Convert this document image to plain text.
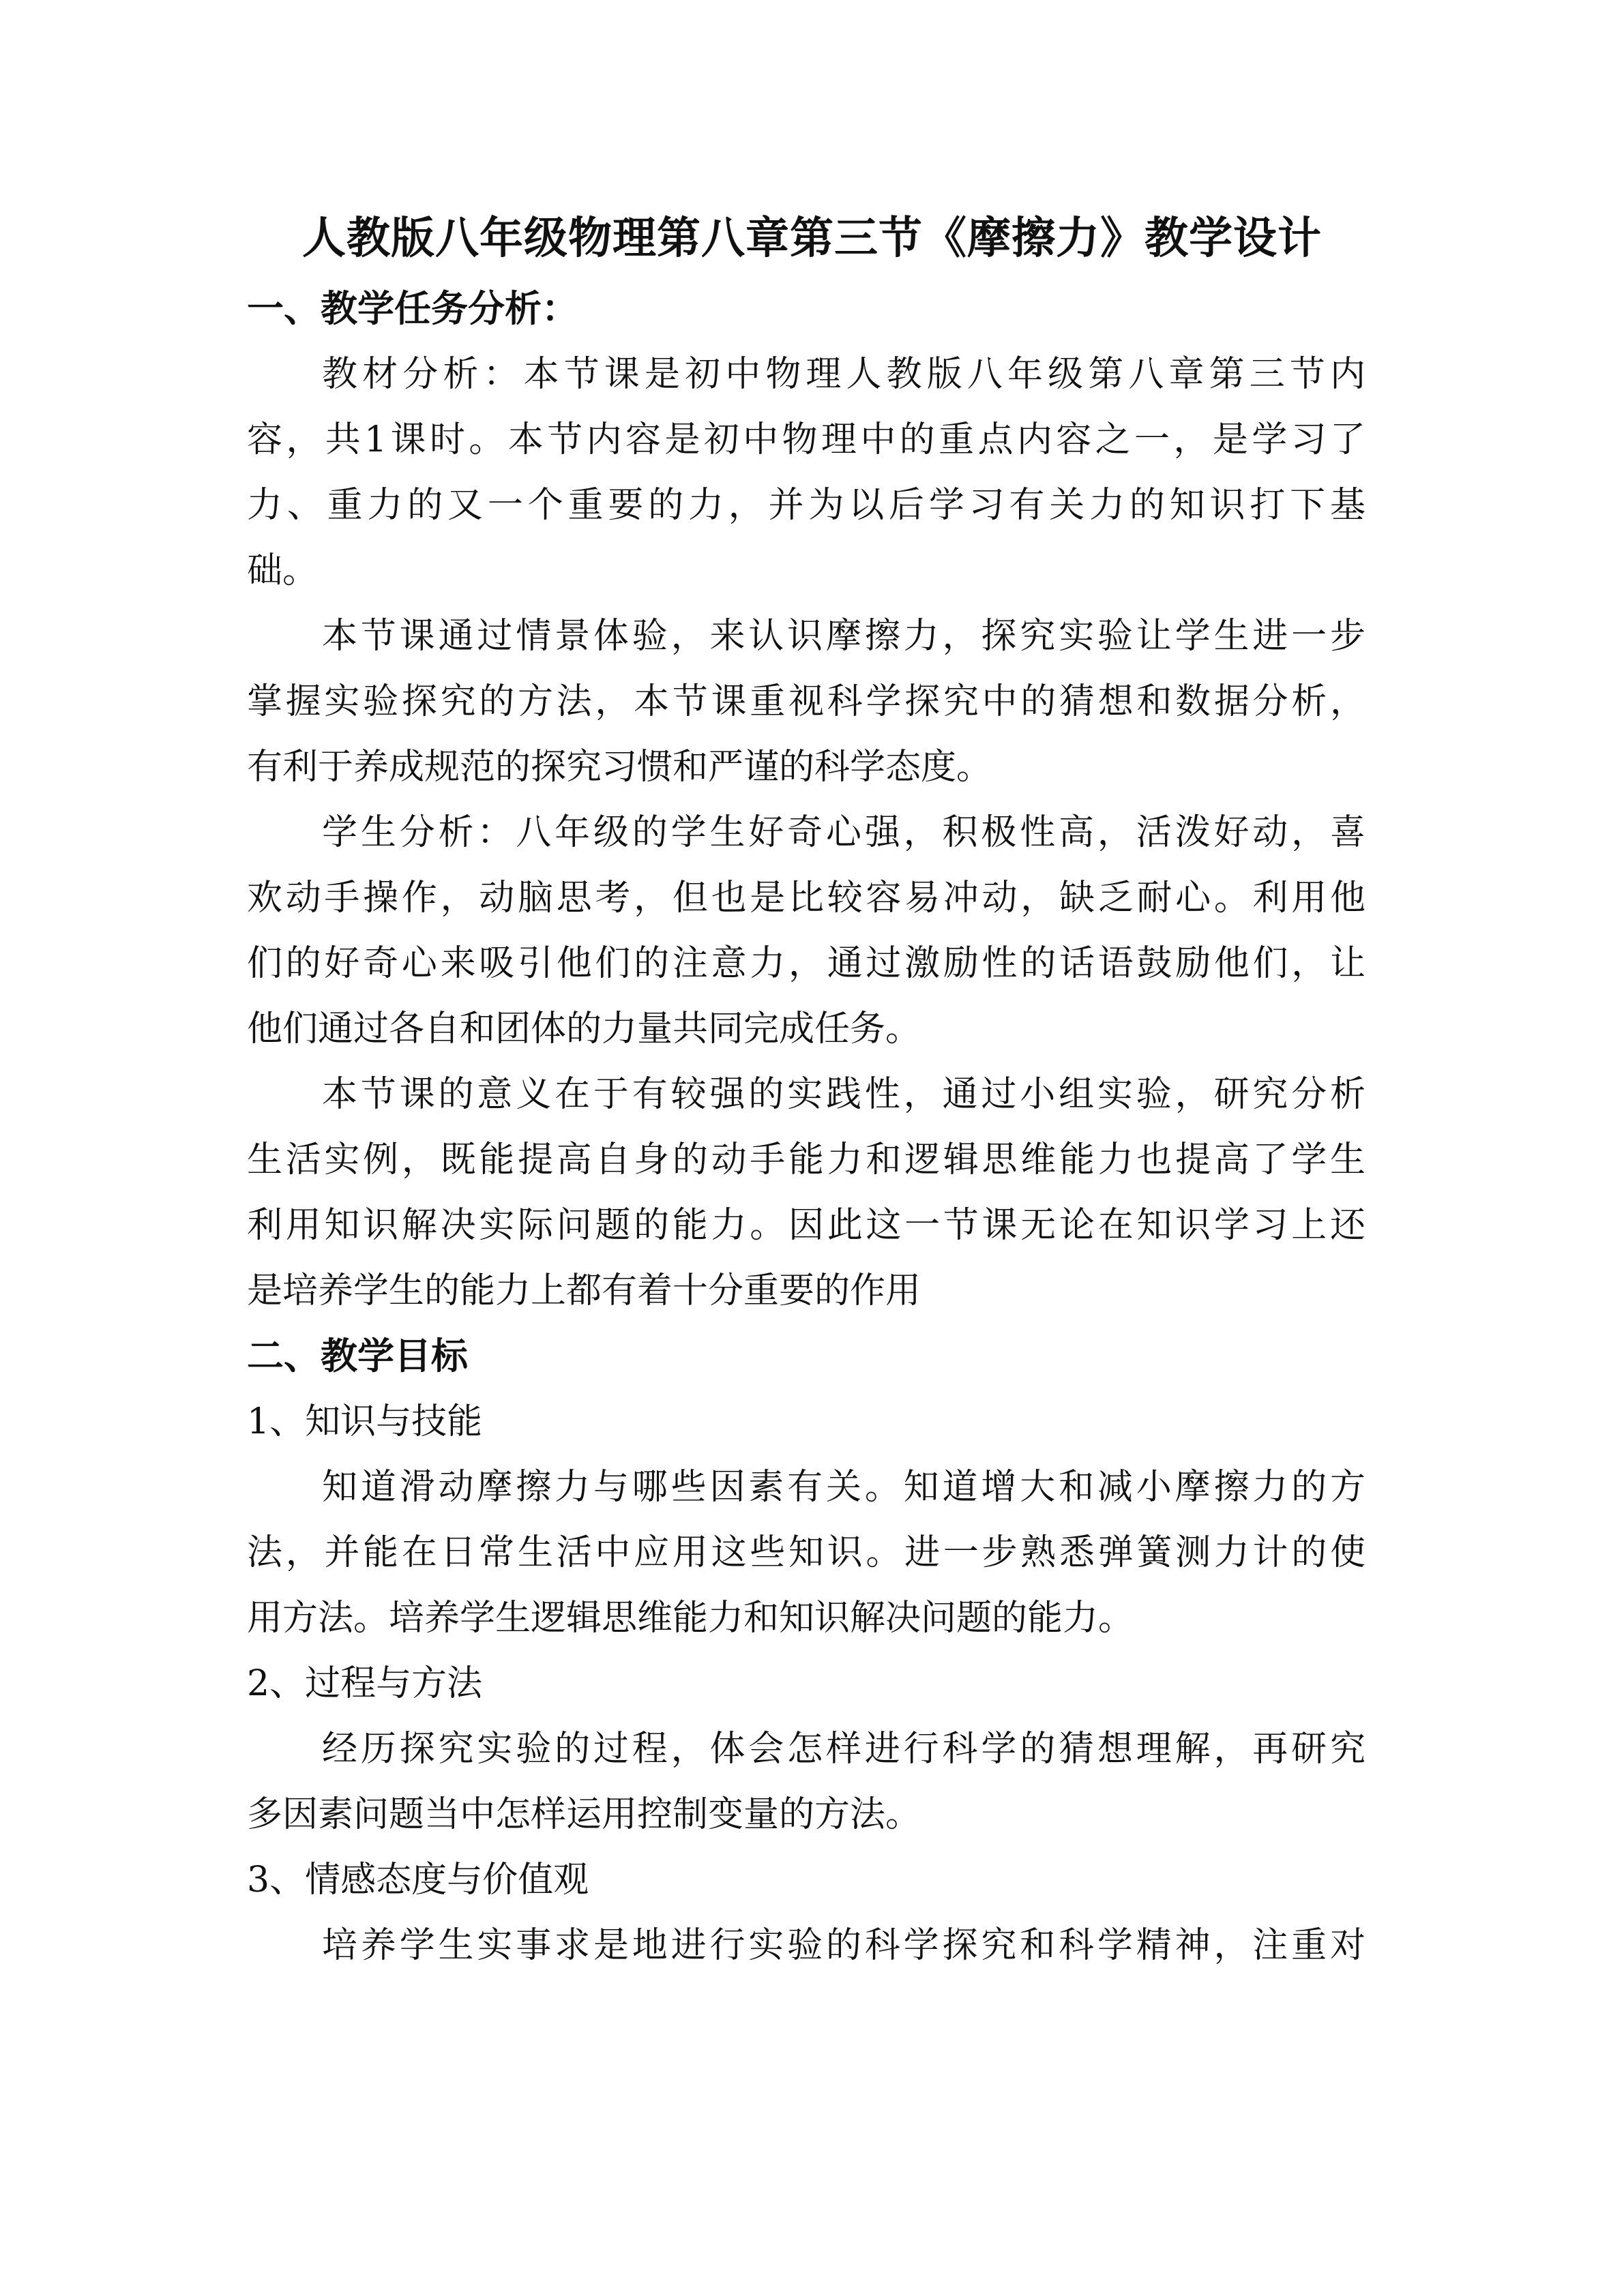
人教版八年级物理第八章第三节《摩擦力》教学设计
一、教学任务分析：
教材分析：本节课是初中物理人教版八年级第八章第三节内
容，共1课时。本节内容是初中物理中的重点内容之一，是学习了
力、重力的又一个重要的力，并为以后学习有关力的知识打下基
础。
本节课通过情景体验，来认识摩擦力，探究实验让学生进一步
掌握实验探究的方法，本节课重视科学探究中的猜想和数据分析，
有利于养成规范的探究习惯和严谨的科学态度。
学生分析：八年级的学生好奇心强，积极性高，活泼好动，喜
欢动手操作，动脑思考，但也是比较容易冲动，缺乏耐心。利用他
们的好奇心来吸引他们的注意力，通过激励性的话语鼓励他们，让
他们通过各自和团体的力量共同完成任务。
本节课的意义在于有较强的实践性，通过小组实验，研究分析
生活实例，既能提高自身的动手能力和逻辑思维能力也提高了学生
利用知识解决实际问题的能力。因此这一节课无论在知识学习上还
是培养学生的能力上都有着十分重要的作用
二、教学目标
1、知识与技能
知道滑动摩擦力与哪些因素有关。知道增大和减小摩擦力的方
法，并能在日常生活中应用这些知识。进一步熟悉弹簧测力计的使
用方法。培养学生逻辑思维能力和知识解决问题的能力。
2、过程与方法
经历探究实验的过程，体会怎样进行科学的猜想理解，再研究
多因素问题当中怎样运用控制变量的方法。
3、情感态度与价值观
培养学生实事求是地进行实验的科学探究和科学精神，注重对
